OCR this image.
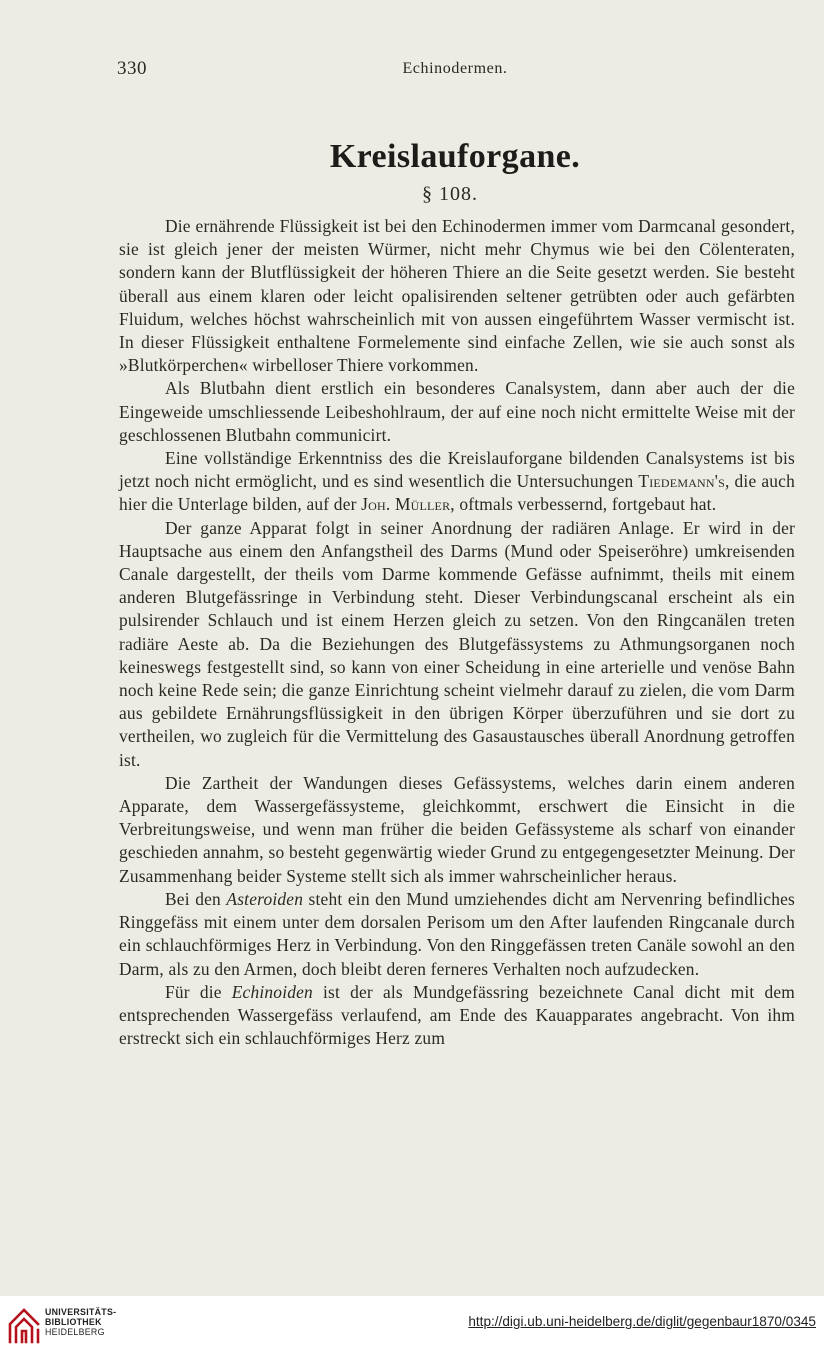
330	Echinodermen.
Kreislauforgane.
§ 108.

Die ernährende Flüssigkeit ist bei den Echinodermen immer vom Darmcanal gesondert, sie ist gleich jener der meisten Würmer, nicht mehr Chymus wie bei den Cölenteraten, sondern kann der Blutflüssigkeit der höheren Thiere an die Seite gesetzt werden. Sie besteht überall aus einem klaren oder leicht opalisirenden seltener getrübten oder auch gefärbten Fluidum, welches höchst wahrscheinlich mit von aussen eingeführtem Wasser vermischt ist. In dieser Flüssigkeit enthaltene Formelemente sind einfache Zellen, wie sie auch sonst als »Blutkörperchen« wirbelloser Thiere vorkommen.

Als Blutbahn dient erstlich ein besonderes Canalsystem, dann aber auch der die Eingeweide umschliessende Leibeshohlraum, der auf eine noch nicht ermittelte Weise mit der geschlossenen Blutbahn communicirt.

Eine vollständige Erkenntniss des die Kreislauforgane bildenden Canalsystems ist bis jetzt noch nicht ermöglicht, und es sind wesentlich die Untersuchungen Tiedemann's, die auch hier die Unterlage bilden, auf der Joh. Müller, oftmals verbessernd, fortgebaut hat.

Der ganze Apparat folgt in seiner Anordnung der radiären Anlage. Er wird in der Hauptsache aus einem den Anfangstheil des Darms (Mund oder Speiseröhre) umkreisenden Canale dargestellt, der theils vom Darme kommende Gefässe aufnimmt, theils mit einem anderen Blutgefässringe in Verbindung steht. Dieser Verbindungscanal erscheint als ein pulsirender Schlauch und ist einem Herzen gleich zu setzen. Von den Ringcanälen treten radiäre Aeste ab. Da die Beziehungen des Blutgefässystems zu Athmungsorganen noch keineswegs festgestellt sind, so kann von einer Scheidung in eine arterielle und venöse Bahn noch keine Rede sein; die ganze Einrichtung scheint vielmehr darauf zu zielen, die vom Darm aus gebildete Ernährungsflüssigkeit in den übrigen Körper überzuführen und sie dort zu vertheilen, wo zugleich für die Vermittelung des Gasaustausches überall Anordnung getroffen ist.

Die Zartheit der Wandungen dieses Gefässystems, welches darin einem anderen Apparate, dem Wassergefässysteme, gleichkommt, erschwert die Einsicht in die Verbreitungsweise, und wenn man früher die beiden Gefässysteme als scharf von einander geschieden annahm, so besteht gegenwärtig wieder Grund zu entgegengesetzter Meinung. Der Zusammenhang beider Systeme stellt sich als immer wahrscheinlicher heraus.

Bei den Asteroiden steht ein den Mund umziehendes dicht am Nervenring befindliches Ringgefäss mit einem unter dem dorsalen Perisom um den After laufenden Ringcanale durch ein schlauchförmiges Herz in Verbindung. Von den Ringgefässen treten Canäle sowohl an den Darm, als zu den Armen, doch bleibt deren ferneres Verhalten noch aufzudecken.

Für die Echinoiden ist der als Mundgefässring bezeichnete Canal dicht mit dem entsprechenden Wassergefäss verlaufend, am Ende des Kauapparates angebracht. Von ihm erstreckt sich ein schlauchförmiges Herz zum

UNIVERSITÄTS-
BIBLIOTHEK
HEIDELBERG
http://digi.ub.uni-heidelberg.de/diglit/gegenbaur1870/0345
